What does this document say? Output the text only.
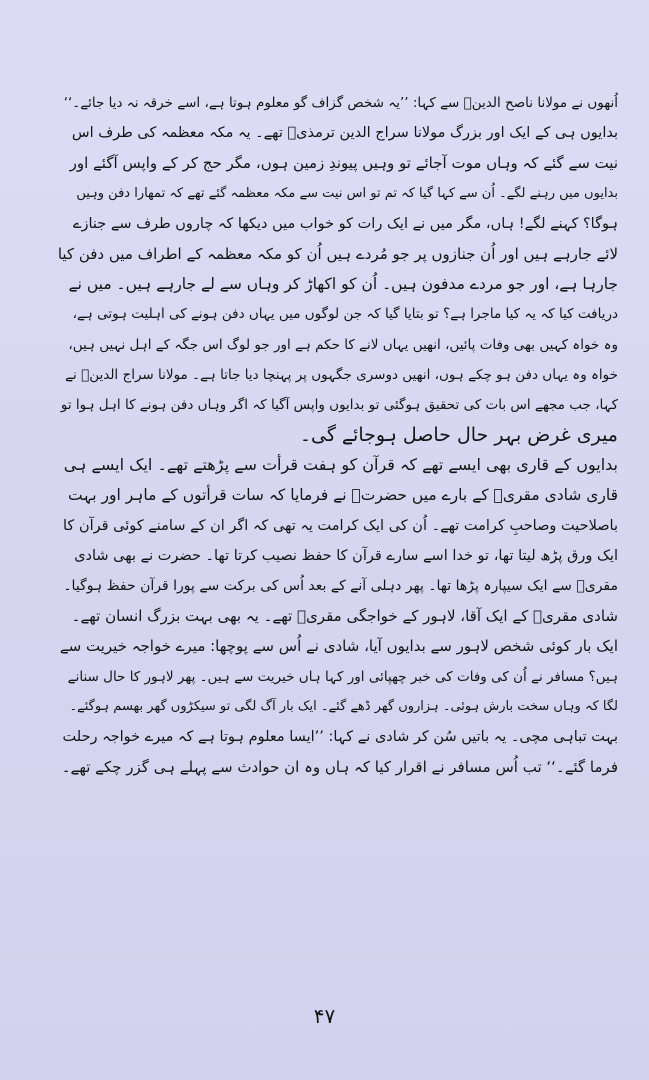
اُنھوں نے مولانا ناصح الدینؒ سے کہا: ’’یہ شخص گزاف گو معلوم ہوتا ہے، اسے خرقہ نہ دیا جائے۔‘‘
بدایوں ہی کے ایک اور بزرگ مولانا سراج الدین ترمذیؒ تھے۔ یہ مکہ معظمہ کی طرف اس
نیت سے گئے کہ وہاں موت آجائے تو وہیں پیوندِ زمین ہوں، مگر حج کر کے واپس آگئے اور
بدایوں میں رہنے لگے۔ اُن سے کہا گیا کہ تم تو اس نیت سے مکہ معظمہ گئے تھے کہ تمھارا دفن وہیں
ہوگا؟ کہنے لگے! ہاں، مگر میں نے ایک رات کو خواب میں دیکھا کہ چاروں طرف سے جنازے
لائے جارہے ہیں اور اُن جنازوں پر جو مُردے ہیں اُن کو مکہ معظمہ کے اطراف میں دفن کیا
جارہا ہے، اور جو مردے مدفون ہیں۔ اُن کو اکھاڑ کر وہاں سے لے جارہے ہیں۔ میں نے
دریافت کیا کہ یہ کیا ماجرا ہے؟ تو بتایا گیا کہ جن لوگوں میں یہاں دفن ہونے کی اہلیت ہوتی ہے،
وہ خواہ کہیں بھی وفات پائیں، انھیں یہاں لانے کا حکم ہے اور جو لوگ اس جگہ کے اہل نہیں ہیں،
خواہ وہ یہاں دفن ہو چکے ہوں، انھیں دوسری جگہوں پر پہنچا دیا جاتا ہے۔ مولانا سراج الدینؒ نے
کہا، جب مجھے اس بات کی تحقیق ہوگئی تو بدایوں واپس آگیا کہ اگر وہاں دفن ہونے کا اہل ہوا تو
میری غرض بہر حال حاصل ہوجائے گی۔
بدایوں کے قاری بھی ایسے تھے کہ قرآن کو ہفت قرأت سے پڑھتے تھے۔ ایک ایسے ہی
قاری شادی مقریؒ کے بارے میں حضرتؒ نے فرمایا کہ سات قرأتوں کے ماہر اور بہت
باصلاحیت وصاحبِ کرامت تھے۔ اُن کی ایک کرامت یہ تھی کہ اگر ان کے سامنے کوئی قرآن کا
ایک ورق پڑھ لیتا تھا، تو خدا اسے سارے قرآن کا حفظ نصیب کرتا تھا۔ حضرت نے بھی شادی
مقریؒ سے ایک سیپارہ پڑھا تھا۔ پھر دہلی آنے کے بعد اُس کی برکت سے پورا قرآن حفظ ہوگیا۔
شادی مقریؒ کے ایک آقا، لاہور کے خواجگی مقریؒ تھے۔ یہ بھی بہت بزرگ انسان تھے۔
ایک بار کوئی شخص لاہور سے بدایوں آیا، شادی نے اُس سے پوچھا: میرے خواجہ خیریت سے
ہیں؟ مسافر نے اُن کی وفات کی خبر چھپائی اور کہا ہاں خیریت سے ہیں۔ پھر لاہور کا حال سنانے
لگا کہ وہاں سخت بارش ہوئی۔ ہزاروں گھر ڈھے گئے۔ ایک بار آگ لگی تو سیکڑوں گھر بھسم ہوگئے۔
بہت تباہی مچی۔ یہ باتیں سُن کر شادی نے کہا: ’’ایسا معلوم ہوتا ہے کہ میرے خواجہ رحلت
فرما گئے۔‘‘ تب اُس مسافر نے اقرار کیا کہ ہاں وہ ان حوادث سے پہلے ہی گزر چکے تھے۔
۴۷
